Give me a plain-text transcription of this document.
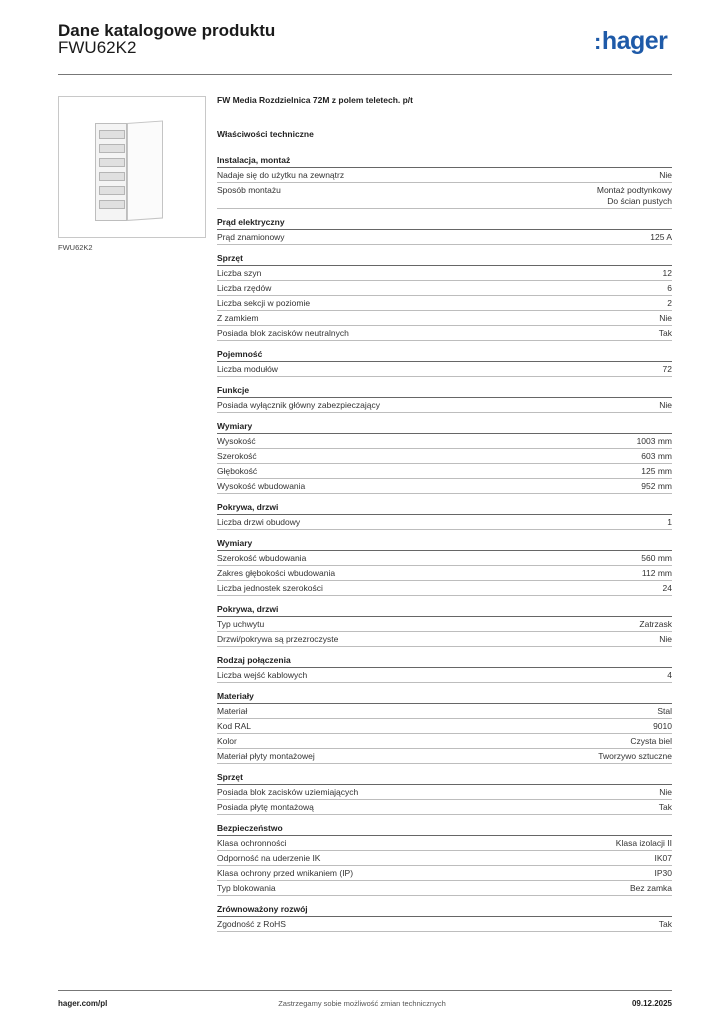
Dane katalogowe produktu
FWU62K2	:hager
FWU62K2
FW Media Rozdzielnica 72M z polem teletech. p/t
Właściwości techniczne
Instalacja, montaż
Nadaje się do użytku na zewnątrz	Nie
Sposób montażu	Montaż podtynkowy
Do ścian pustych
Prąd elektryczny
Prąd znamionowy	125 A
Sprzęt
Liczba szyn	12
Liczba rzędów	6
Liczba sekcji w poziomie	2
Z zamkiem	Nie
Posiada blok zacisków neutralnych	Tak
Pojemność
Liczba modułów	72
Funkcje
Posiada wyłącznik główny zabezpieczający	Nie
Wymiary
Wysokość	1003 mm
Szerokość	603 mm
Głębokość	125 mm
Wysokość wbudowania	952 mm
Pokrywa, drzwi
Liczba drzwi obudowy	1
Wymiary
Szerokość wbudowania	560 mm
Zakres głębokości wbudowania	112 mm
Liczba jednostek szerokości	24
Pokrywa, drzwi
Typ uchwytu	Zatrzask
Drzwi/pokrywa są przezroczyste	Nie
Rodzaj połączenia
Liczba wejść kablowych	4
Materiały
Materiał	Stal
Kod RAL	9010
Kolor	Czysta biel
Materiał płyty montażowej	Tworzywo sztuczne
Sprzęt
Posiada blok zacisków uziemiających	Nie
Posiada płytę montażową	Tak
Bezpieczeństwo
Klasa ochronności	Klasa izolacji II
Odporność na uderzenie IK	IK07
Klasa ochrony przed wnikaniem (IP)	IP30
Typ blokowania	Bez zamka
Zrównoważony rozwój
Zgodność z RoHS	Tak
hager.com/pl	Zastrzegamy sobie możliwość zmian technicznych	09.12.2025
